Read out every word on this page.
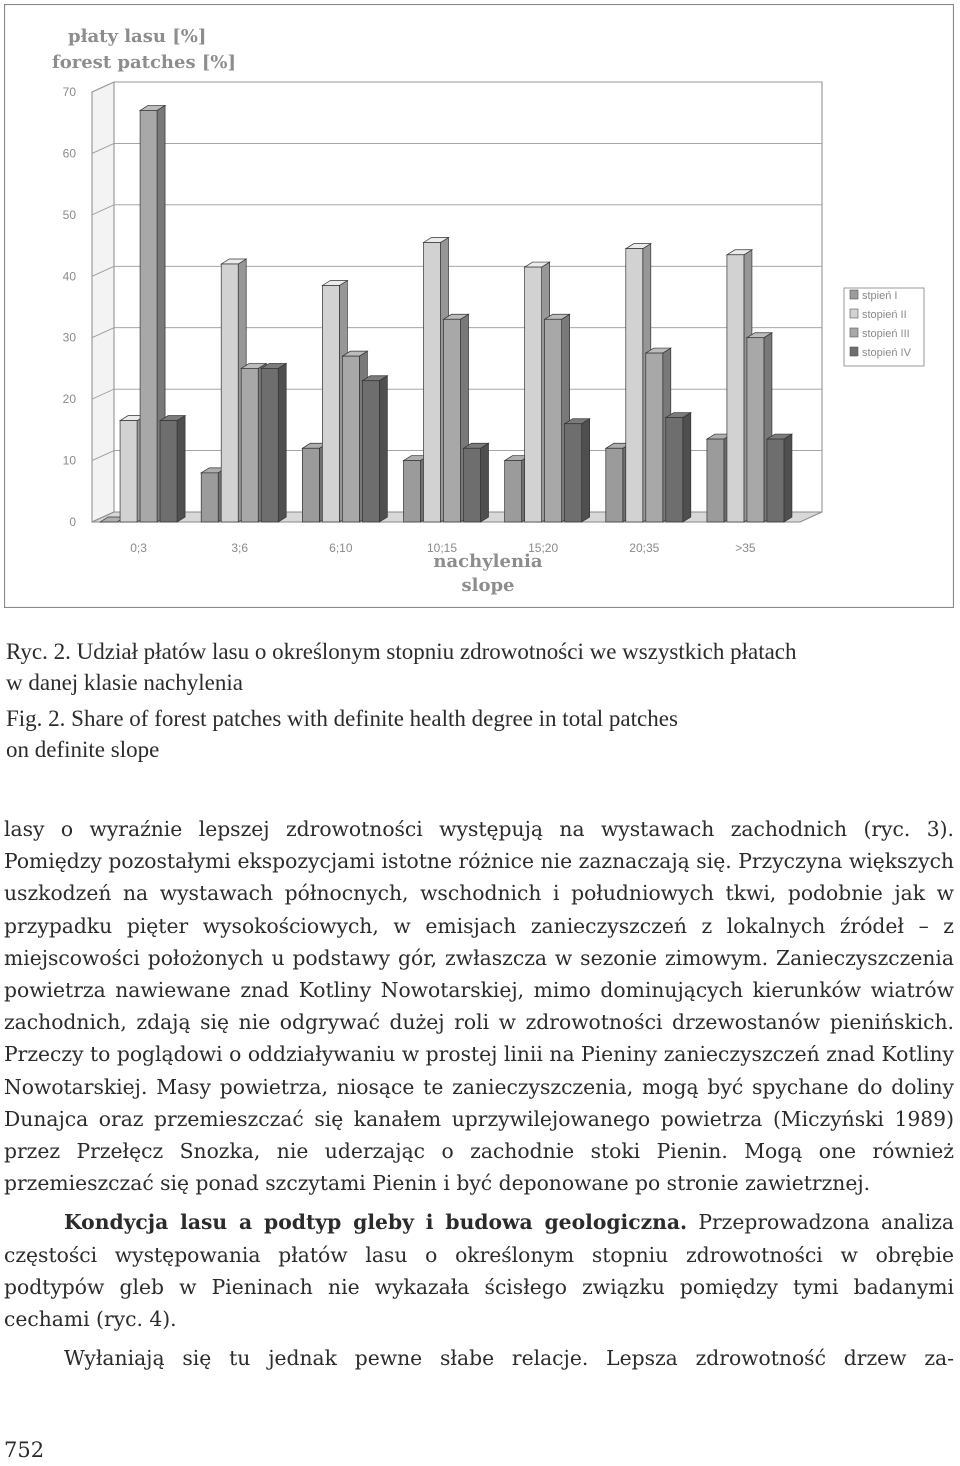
0
10
20
30
40
50
60
70
0;3	3;6	6;10	10;15	15;20	20;35	>35
płaty lasu [%]
forest patches [%]
nachylenia
slope
stpień I
stopień II
stopień III
stopień IV
Ryc. 2. Udział płatów lasu o określonym stopniu zdrowotności we wszystkich płatach
w danej klasie nachylenia
Fig. 2. Share of forest patches with definite health degree in total patches
on definite slope

lasy o wyraźnie lepszej zdrowotności występują na wystawach zachodnich (ryc. 3). Pomiędzy pozostałymi ekspozycjami istotne różnice nie zaznaczają się. Przyczyna większych uszkodzeń na wystawach północnych, wschodnich i południowych tkwi, podobnie jak w przypadku pięter wysokościowych, w emisjach zanieczyszczeń z lokalnych źródeł – z miejscowości położonych u podstawy gór, zwłaszcza w sezonie zimowym. Zanieczyszczenia powietrza nawiewane znad Kotliny Nowotarskiej, mimo dominujących kierunków wiatrów zachodnich, zdają się nie odgrywać dużej roli w zdrowotności drzewostanów pienińskich. Przeczy to poglądowi o oddziaływaniu w prostej linii na Pieniny zanieczyszczeń znad Kotliny Nowotarskiej. Masy powietrza, niosące te zanieczyszczenia, mogą być spychane do doliny Dunajca oraz przemieszczać się kanałem uprzywilejowanego powietrza (Miczyński 1989) przez Przełęcz Snozka, nie uderzając o zachodnie stoki Pienin. Mogą one również przemieszczać się ponad szczytami Pienin i być deponowane po stronie zawietrznej.

Kondycja lasu a podtyp gleby i budowa geologiczna. Przeprowadzona analiza częstości występowania płatów lasu o określonym stopniu zdrowotności w obrębie podtypów gleb w Pieninach nie wykazała ścisłego związku pomiędzy tymi badanymi cechami (ryc. 4).

Wyłaniają się tu jednak pewne słabe relacje. Lepsza zdrowotność drzew za-

752
